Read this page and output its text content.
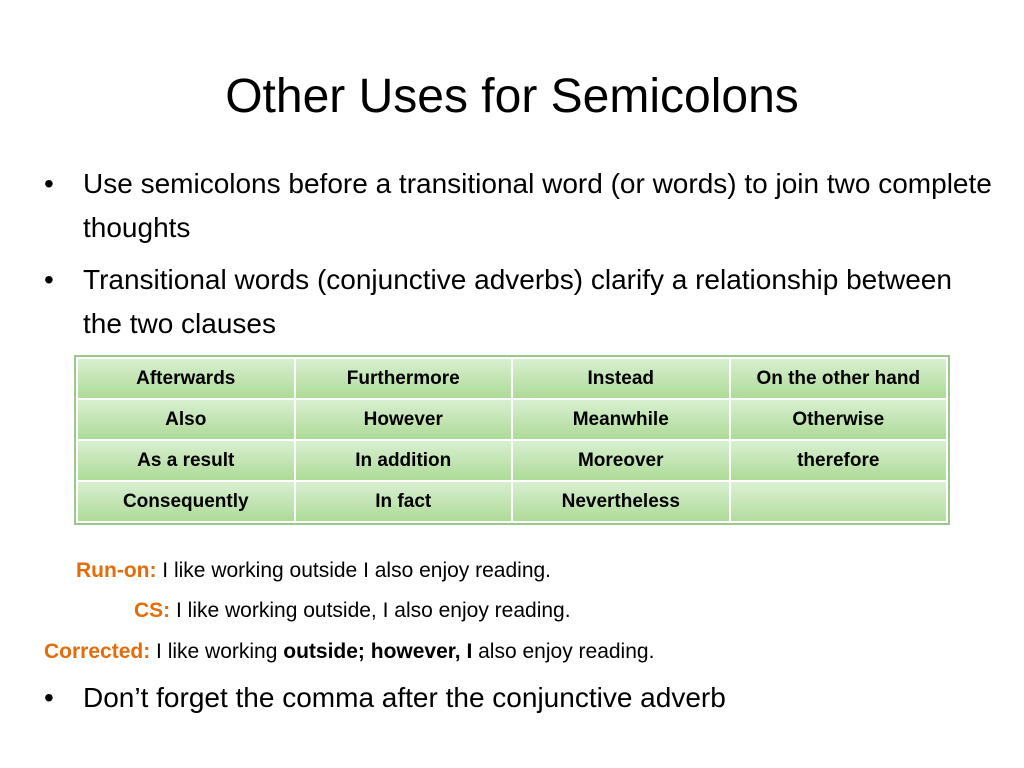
Other Uses for Semicolons
•	Use semicolons before a transitional word (or words) to join two complete thoughts
•	Transitional words (conjunctive adverbs) clarify a relationship between the two clauses
Afterwards	Furthermore	Instead	On the other hand
Also	However	Meanwhile	Otherwise
As a result	In addition	Moreover	therefore
Consequently	In fact	Nevertheless	
Run-on: I like working outside I also enjoy reading.
CS: I like working outside, I also enjoy reading.
Corrected: I like working outside; however, I also enjoy reading.
•	Don’t forget the comma after the conjunctive adverb
